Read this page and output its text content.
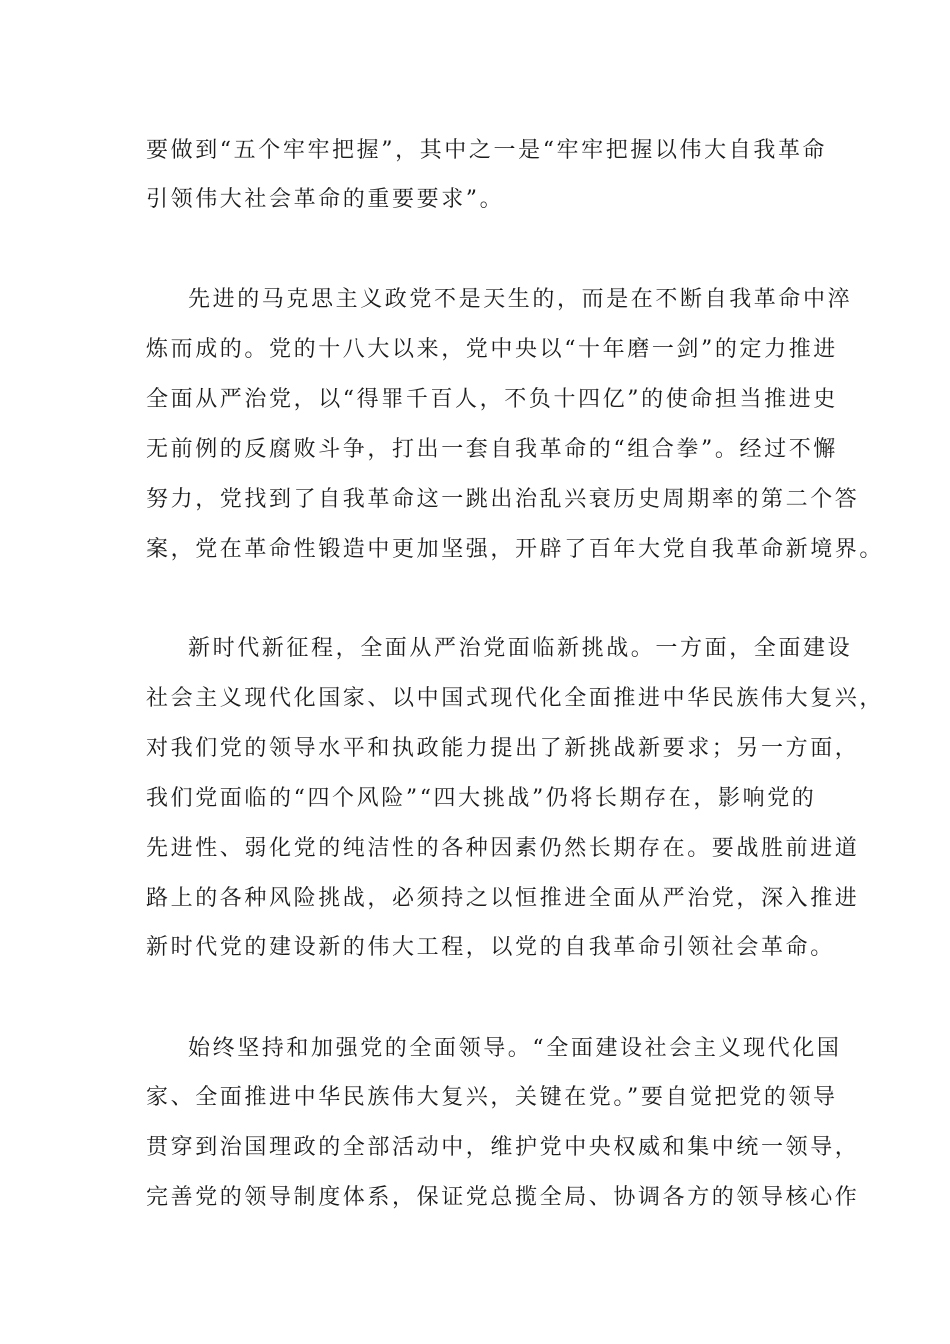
要做到“五个牢牢把握”，其中之一是“牢牢把握以伟大自我革命
引领伟大社会革命的重要要求”。
先进的马克思主义政党不是天生的，而是在不断自我革命中淬
炼而成的。党的十八大以来，党中央以“十年磨一剑”的定力推进
全面从严治党，以“得罪千百人，不负十四亿”的使命担当推进史
无前例的反腐败斗争，打出一套自我革命的“组合拳”。经过不懈
努力，党找到了自我革命这一跳出治乱兴衰历史周期率的第二个答
案，党在革命性锻造中更加坚强，开辟了百年大党自我革命新境界。
新时代新征程，全面从严治党面临新挑战。一方面，全面建设
社会主义现代化国家、以中国式现代化全面推进中华民族伟大复兴，
对我们党的领导水平和执政能力提出了新挑战新要求；另一方面，
我们党面临的“四个风险”“四大挑战”仍将长期存在，影响党的
先进性、弱化党的纯洁性的各种因素仍然长期存在。要战胜前进道
路上的各种风险挑战，必须持之以恒推进全面从严治党，深入推进
新时代党的建设新的伟大工程，以党的自我革命引领社会革命。
始终坚持和加强党的全面领导。“全面建设社会主义现代化国
家、全面推进中华民族伟大复兴，关键在党。”要自觉把党的领导
贯穿到治国理政的全部活动中，维护党中央权威和集中统一领导，
完善党的领导制度体系，保证党总揽全局、协调各方的领导核心作
